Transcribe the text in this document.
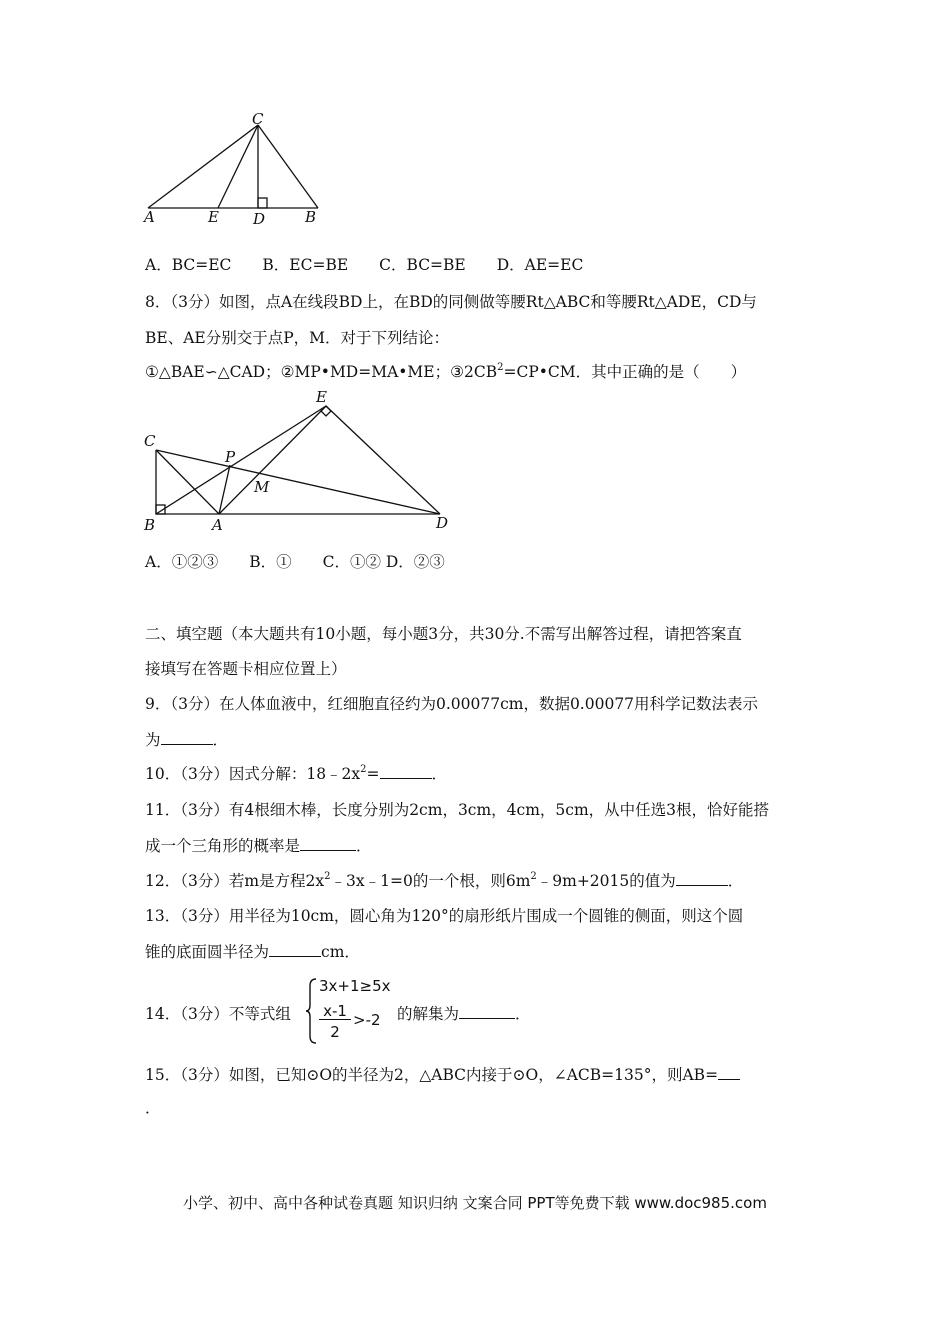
C
A	E D	B
A．BC=EC　　B．EC=BE　　C．BC=BE　　D．AE=EC
8．（3分）如图，点A在线段BD上，在BD的同侧做等腰Rt△ABC和等腰Rt△ADE，CD与
BE、AE分别交于点P，M．对于下列结论：
①△BAE∽△CAD；②MP•MD=MA•ME；$③2CB^2=CP•CM$．其中正确的是（　　）
E
C
P
M
B	A	D
A．①②③　　B．①　　C．①② D．②③
二、填空题（本大题共有10小题，每小题3分，共30分.不需写出解答过程，请把答案直
接填写在答题卡相应位置上）
9．（3分）在人体血液中，红细胞直径约为0.00077cm，数据0.00077用科学记数法表示
为	．
10．（3分）因式分解：$18﹣2x^2=$	．
11．（3分）有4根细木棒，长度分别为2cm，3cm，4cm，5cm，从中任选3根，恰好能搭
成一个三角形的概率是	．
12．（3分）若m是方程$2x^2﹣3x﹣1=0$的一个根，则$6m^2﹣9m+2015$的值为	．
13．（3分）用半径为10cm，圆心角为120°的扇形纸片围成一个圆锥的侧面，则这个圆
锥的底面圆半径为	cm．
14．（3分）不等式组
3x+1≥5x
x-1
2
>-2 的解集为	．
15．（3分）如图，已知⊙O的半径为2，△ABC内接于⊙O，∠ACB=135°，则AB=
．
小学、初中、高中各种试卷真题 知识归纳 文案合同 PPT等免费下载 www.doc985.com
